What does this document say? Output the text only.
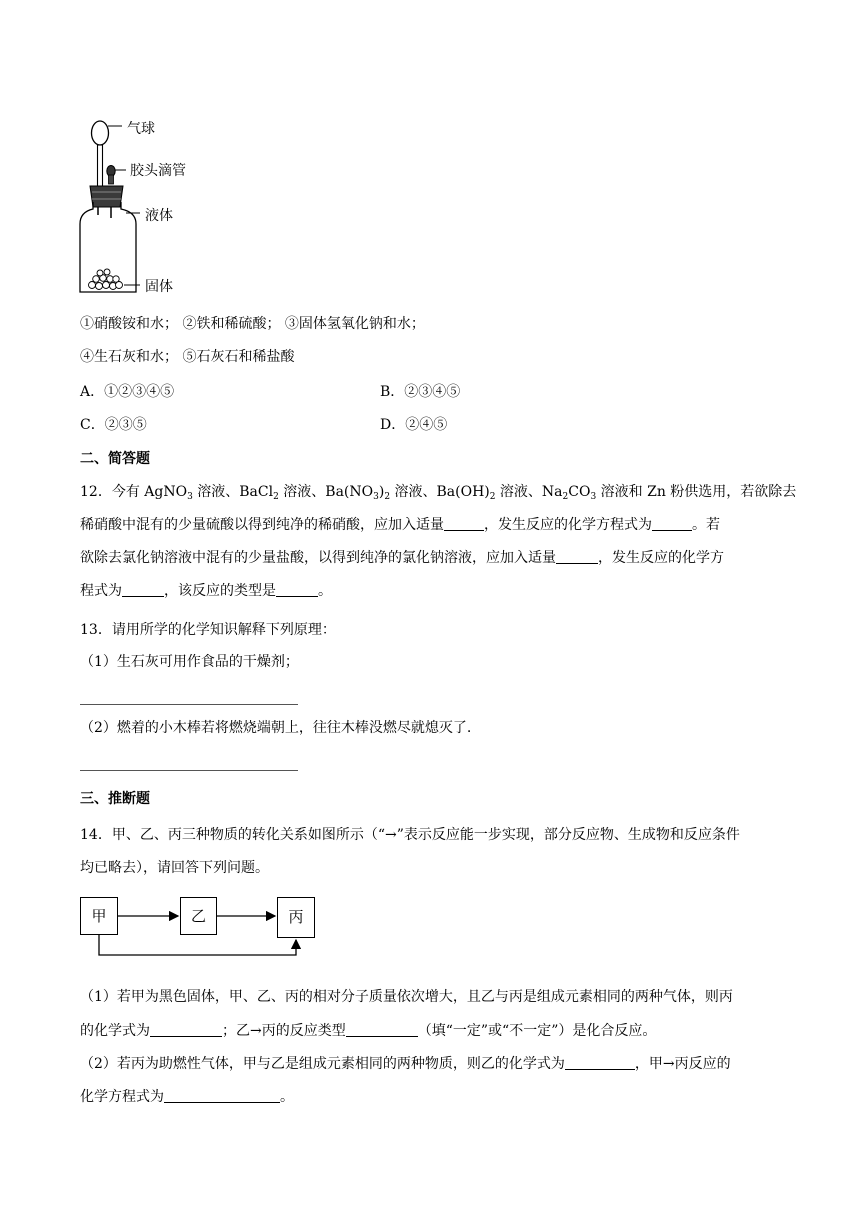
气球
胶头滴管
液体
固体
①硝酸铵和水； ②铁和稀硫酸； ③固体氢氧化钠和水；
④生石灰和水； ⑤石灰石和稀盐酸
A．①②③④⑤	B．②③④⑤
C．②③⑤	D．②④⑤
二、简答题
12．今有 AgNO$_3$ 溶液、BaCl$_2$ 溶液、$Ba(NO_3)_2$ 溶液、$Ba(OH)_2$ 溶液、$Na_2CO_3$ 溶液和 Zn 粉供选用，若欲除去
稀硝酸中混有的少量硫酸以得到纯净的稀硝酸，应加入适量	，发生反应的化学方程式为	。若
欲除去氯化钠溶液中混有的少量盐酸，以得到纯净的氯化钠溶液，应加入适量	，发生反应的化学方
程式为	，该反应的类型是	。
13．请用所学的化学知识解释下列原理：
（1）生石灰可用作食品的干燥剂；
（2）燃着的小木棒若将燃烧端朝上，往往木棒没燃尽就熄灭了.
三、推断题
14．甲、乙、丙三种物质的转化关系如图所示（“→”表示反应能一步实现，部分反应物、生成物和反应条件
均已略去），请回答下列问题。
甲	乙	丙
（1）若甲为黑色固体，甲、乙、丙的相对分子质量依次增大，且乙与丙是组成元素相同的两种气体，则丙
的化学式为	；乙→丙的反应类型	（填“一定”或“不一定”）是化合反应。
（2）若丙为助燃性气体，甲与乙是组成元素相同的两种物质，则乙的化学式为	，甲→丙反应的
化学方程式为	。
